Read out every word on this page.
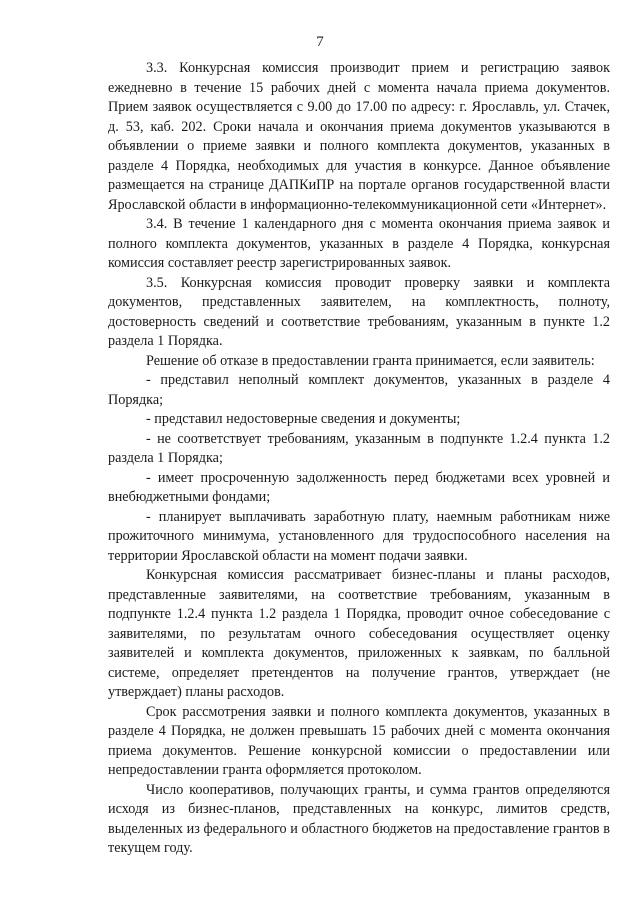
7

3.3. Конкурсная комиссия производит прием и регистрацию заявок ежедневно в течение 15 рабочих дней с момента начала приема документов. Прием заявок осуществляется с 9.00 до 17.00 по адресу: г. Ярославль, ул. Стачек, д. 53, каб. 202. Сроки начала и окончания приема документов указываются в объявлении о приеме заявки и полного комплекта документов, указанных в разделе 4 Порядка, необходимых для участия в конкурсе. Данное объявление размещается на странице ДАПКиПР на портале органов государственной власти Ярославской области в информационно-телекоммуникационной сети «Интернет».

3.4. В течение 1 календарного дня с момента окончания приема заявок и полного комплекта документов, указанных в разделе 4 Порядка, конкурсная комиссия составляет реестр зарегистрированных заявок.

3.5. Конкурсная комиссия проводит проверку заявки и комплекта документов, представленных заявителем, на комплектность, полноту, достоверность сведений и соответствие требованиям, указанным в пункте 1.2 раздела 1 Порядка.

Решение об отказе в предоставлении гранта принимается, если заявитель:

- представил неполный комплект документов, указанных в разделе 4 Порядка;

- представил недостоверные сведения и документы;

- не соответствует требованиям, указанным в подпункте 1.2.4 пункта 1.2 раздела 1 Порядка;

- имеет просроченную задолженность перед бюджетами всех уровней и внебюджетными фондами;

- планирует выплачивать заработную плату, наемным работникам ниже прожиточного минимума, установленного для трудоспособного населения на территории Ярославской области на момент подачи заявки.

Конкурсная комиссия рассматривает бизнес-планы и планы расходов, представленные заявителями, на соответствие требованиям, указанным в подпункте 1.2.4 пункта 1.2 раздела 1 Порядка, проводит очное собеседование с заявителями, по результатам очного собеседования осуществляет оценку заявителей и комплекта документов, приложенных к заявкам, по балльной системе, определяет претендентов на получение грантов, утверждает (не утверждает) планы расходов.

Срок рассмотрения заявки и полного комплекта документов, указанных в разделе 4 Порядка, не должен превышать 15 рабочих дней с момента окончания приема документов. Решение конкурсной комиссии о предоставлении или непредоставлении гранта оформляется протоколом.

Число кооперативов, получающих гранты, и сумма грантов определяются исходя из бизнес-планов, представленных на конкурс, лимитов средств, выделенных из федерального и областного бюджетов на предоставление грантов в текущем году.
